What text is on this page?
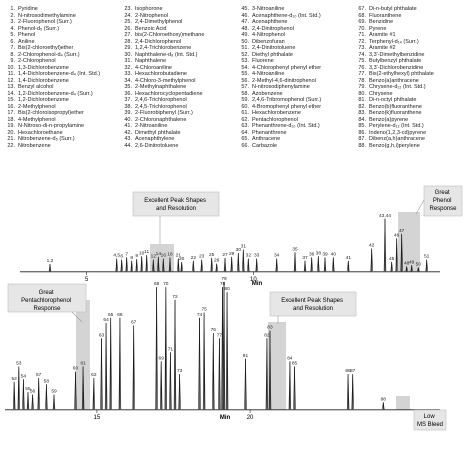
1. Pyridine
2. N-nitrosodimethylamine
3. 2-Fluorophenol (Surr.)
4. Phenol-d₅ (Surr.)
5. Phenol
6. Aniline
7. Bis(2-chloroethyl)ether
8. 2-Chlorophenol-d₄ (Surr.)
9. 2-Chlorophenol
10. 1,3-Dichlorobenzene
11. 1,4-Dichlorobenzene-d₄ (Int. Std.)
12. 1,4-Dichlorobenzene
13. Benzyl alcohol
14. 1,2-Dichlorobenzene-d₄ (Surr.)
15. 1,2-Dichlorobenzene
16. 2-Methylphenol
17. Bis(2-chloroisopropyl)ether
18. 4-Methylphenol
19. N-Nitroso-di-n-propylamine
20. Hexachloroethane
21. Nitrobenzene-d₅ (Surr.)
22. Nitrobenzene
23. Isophorone
24. 2-Nitrophenol
25. 2,4-Dimethylphenol
26. Benzoic Acid
27. bis(2-Chloroethoxy)methane
28. 2,4-Dichlorophenol
29. 1,2,4-Trichlorobenzene
30. Naphthalene-d₈ (Int. Std.)
31. Naphthalene
32. 4-Chloroaniline
33. Hexachlorobutadiene
34. 4-Chloro-3-methylphenol
35. 2-Methylnaphthalene
36. Hexachlorocyclopentadiene
37. 2,4,6-Trichlorophenol
38. 2,4,5-Trichlorophenol
39. 2-Fluorobiphenyl (Surr.)
40. 2-Chloronaphthalene
41. 2-Nitroaniline
42. Dimethyl phthalate
43. Acenaphthylene
44. 2,6-Dinitrotoluene
45. 3-Nitroaniline
46. Acenaphthene-d₁₀ (Int. Std.)
47. Acenaphthene
48. 2,4-Dinitrophenol
49. 4-Nitrophenol
50. Dibenzofuran
51. 2,4-Dinitrotoluene
52. Diethyl phthalate
53. Fluorene
54. 4-Chlorophenyl phenyl ether
55. 4-Nitroaniline
56. 2-Methyl-4,6-dinitrophenol
57. N-nitrosodiphenylamine
58. Azobenzene
59. 2,4,6-Tribromophenol (Surr.)
60. 4-Bromophenyl phenyl ether
61. Hexachlorobenzene
62. Pentachlorophenol
63. Phenanthrene-d₁₀ (Int. Std.)
64. Phenanthrene
65. Anthracene
66. Carbazole
67. Di-n-butyl phthalate
68. Fluoranthene
69. Benzidine
70. Pyrene
71. Aramite #1
72. Terphenyl-d₁₄ (Surr.)
73. Aramite #2
74. 3,3'-Dimethylbenzidine
75. Butylbenzyl phthalate
76. 3,3'-Dichlorobenzidine
77. Bis(2-ethylhexyl) phthalate
78. Benzo(a)anthracene
79. Chrysene-d₁₂ (Int. Std.)
80. Chrysene
81. Di-n-octyl phthalate
82. Benzo(b)fluoranthene
83. Benzo(k)fluoranthene
84. Benzo(a)pyrene
85. Perylene-d₁₂ (Int. Std.)
86. Indeno(1,2,3-cd)pyrene
87. Dibenz(a,h)anthracene
88. Benzo(g,h,i)perylene
1,2
4,5 6 7
8 9
10 11
12
14 16 18 21
20 22 23 25
26
27 29
30
31
32 33	34
35
37
36 38 39 40
41
42
43,44
45
46
47
48 49 50
51
5	10
Min
52
53
54
55
56
57
58
59
60
61
62
63
64
65 66
67
68
69
70
71
72
73
74
75
76
77
78
79
80
81
82
83
84
85
86 87
88
15	20
Min
Excellent Peak Shapes and Resolution
Great Phenol Response
Great Pentachlorophenol Response
Excellent Peak Shapes and Resolution
Low MS Bleed
